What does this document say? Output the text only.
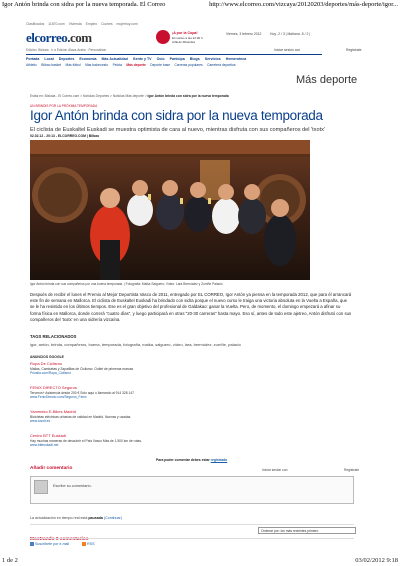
Igor Antón brinda con sidra por la nueva temporada. El Correo	http://www.elcorreo.com/vizcaya/20120203/deportes/más-deporte/igor...
Clasificados 11870.com Vivienda Empleo Coches mujerhoy.com
elcorreo.com
Edición: Bizkaia · Ir a Edición Álava-Araba · Personalizar
¡A por la Copa!
El martes a las 22:00 h.
Athletic-Mirandés
Viernes, 3 febrero 2012	Hoy -2 / 3 | Mañana -5 / 2 |
Iniciar sesión con	Registrate
Portada Local Deportes Economía Más Actualidad Gente y TV Ocio Participa Blogs Servicios Hemeroteca
Athletic Bilbao basket Más fútbol Más baloncesto Pelota Más deporte Deporte base Carreras populares Carretera deportiva
Más deporte
Estás en: Bizkaia - El Correo.com > Noticias Deportes > Noticias Más deporte > Igor Antón brinda con sidra por la nueva temporada
UN BRINDIS POR LA PRÓXIMA TEMPORADA
Igor Antón brinda con sidra por la nueva temporada
El ciclista de Euskaltel Euskadi se muestra optimista de cara al nuevo, mientras disfruta con sus compañeros del 'txotx'
02.02.12 - 20:13 - ELCORREO.COM | Bilbao
Igor Antón brinda con sus compañeros por una buena temporada. | Fotografía: Maika Salguero; Vídeo: Lara Bermúdez y Zurriñe Palacio
Después de recibir el lunes el Premio al Mejor Deportista Vasco de 2011, entregado por EL CORREO, Igor Antón ya piensa en la temporada 2012, que para él arrancará este fin de semana en Mallorca. El ciclista de Euskaltel Euskadi ha brindado con sidra porque el nuevo curso le traiga una victoria absoluta en la Vuelta a España, que se le ha resistido en los últimos tiempos. Ese es el gran objetivo del profesional de Galdakao: ganar la Vuelta. Pero, de momento, el domingo empezará a afinar su forma física en Mallorca, donde correrá "cuatro días", y luego participará en otras "20-30 carreras" hasta mayo. Eso sí, antes de todo este ajetreo, Antón disfrutó con sus compañeros del 'txotx' en una sidrería vizcaína.
TAGS RELACIONADOS
igor, antón, brinda, compañeros, buena, temporada, fotografía, maika, salguero, vídeo, lara, bermúdez, zurriñe, palacio
ANUNCIOS GOOGLE
Ropa De Ciclismo
Mallas, Camisetas y Zapatillas de Ciclismo. Outlet de primeras marcas
Privalia.com/Ropa_Ciclismo
FENIX DIRECTO Seguros
Terceros+ Asistencia desde 200 € Solo aquí u llamando al 914 328 147
www.FenixDirecto.com/Seguros_Fenix
Yammeko E-Bikes Madrid
Bicicletas eléctricas urbanas de calidad en Madrid. Nuevas y usadas.
www.tuvolt.es
Centro BTT Euskadi
Hay muchas maneras de descubrir el País Vasco Más de 1.500 km de rutas.
www.btteuskadi.net
Para poder comentar debes estar registrado
Añadir comentario	Iniciar sesión con	Registrate
Escribe su comentario.
La actualización en tiempo real está pausada (Continuar)
Mostrando 0 comentarios
Ordenar por: los más recientes primero
Suscríbete por e-mail	RSS
1 de 2	03/02/2012 9:18
